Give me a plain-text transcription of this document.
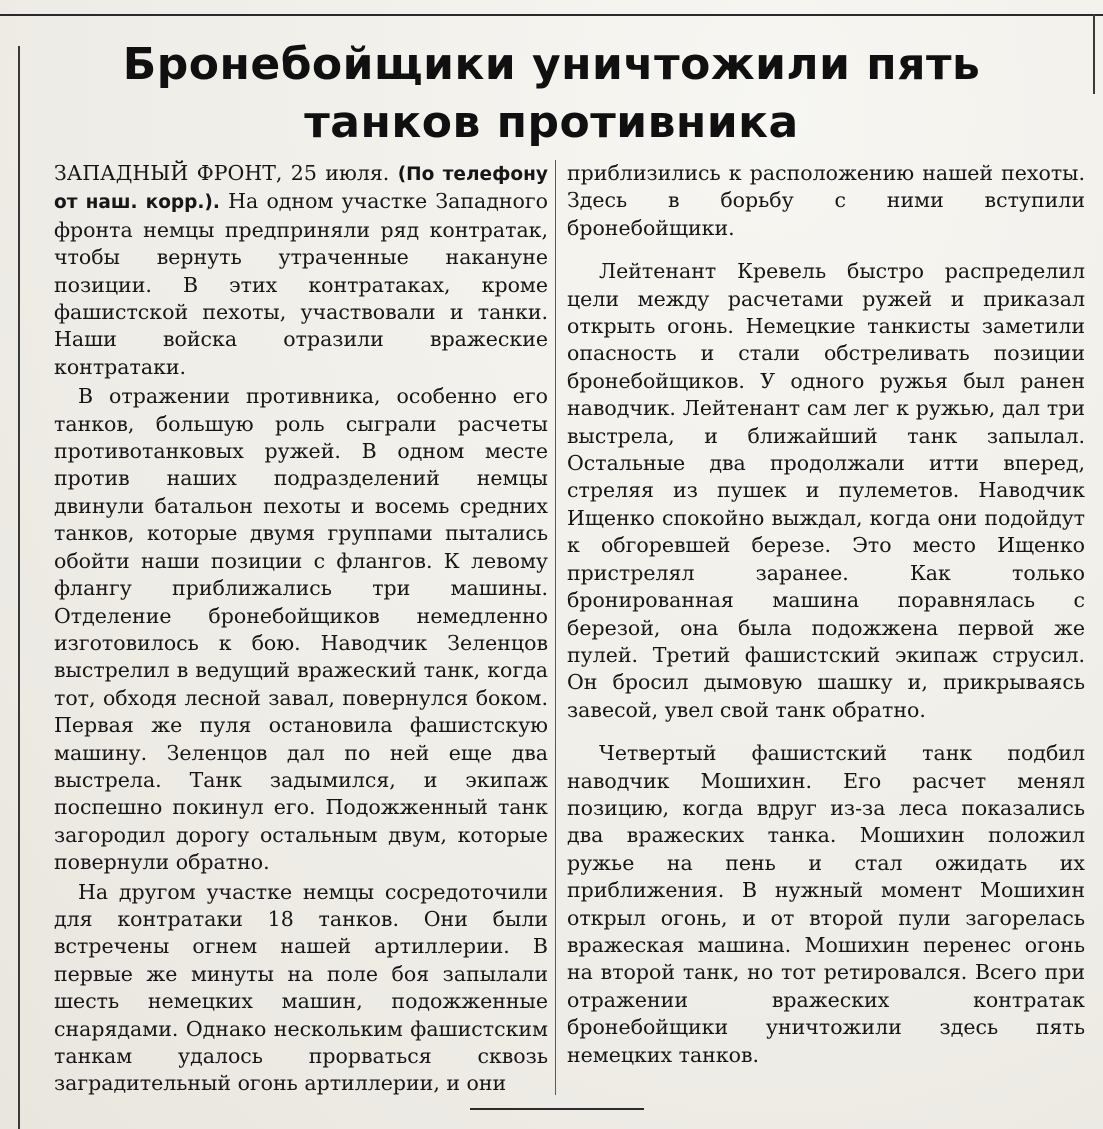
Бронебойщики уничтожили пять
танков противника

ЗАПАДНЫЙ ФРОНТ, 25 июля. (По телефону от наш. корр.). На одном участке Западного фронта немцы предприняли ряд контратак, чтобы вернуть утраченные накануне позиции. В этих контратаках, кроме фашистской пехоты, участвовали и танки. Наши войска отразили вражеские контратаки.

В отражении противника, особенно его танков, большую роль сыграли расчеты противотанковых ружей. В одном месте против наших подразделений немцы двинули батальон пехоты и восемь средних танков, которые двумя группами пытались обойти наши позиции с флангов. К левому флангу приближались три машины. Отделение бронебойщиков немедленно изготовилось к бою. Наводчик Зеленцов выстрелил в ведущий вражеский танк, когда тот, обходя лесной завал, повернулся боком. Первая же пуля остановила фашистскую машину. Зеленцов дал по ней еще два выстрела. Танк задымился, и экипаж поспешно покинул его. Подожженный танк загородил дорогу остальным двум, которые повернули обратно.

На другом участке немцы сосредоточили для контратаки 18 танков. Они были встречены огнем нашей артиллерии. В первые же минуты на поле боя запылали шесть немецких машин, подожженные снарядами. Однако нескольким фашистским танкам удалось прорваться сквозь заградительный огонь артиллерии, и они

приблизились к расположению нашей пехоты. Здесь в борьбу с ними вступили бронебойщики.

Лейтенант Кревель быстро распределил цели между расчетами ружей и приказал открыть огонь. Немецкие танкисты заметили опасность и стали обстреливать позиции бронебойщиков. У одного ружья был ранен наводчик. Лейтенант сам лег к ружью, дал три выстрела, и ближайший танк запылал. Остальные два продолжали итти вперед, стреляя из пушек и пулеметов. Наводчик Ищенко спокойно выждал, когда они подойдут к обгоревшей березе. Это место Ищенко пристрелял заранее. Как только бронированная машина поравнялась с березой, она была подожжена первой же пулей. Третий фашистский экипаж струсил. Он бросил дымовую шашку и, прикрываясь завесой, увел свой танк обратно.

Четвертый фашистский танк подбил наводчик Мошихин. Его расчет менял позицию, когда вдруг из-за леса показались два вражеских танка. Мошихин положил ружье на пень и стал ожидать их приближения. В нужный момент Мошихин открыл огонь, и от второй пули загорелась вражеская машина. Мошихин перенес огонь на второй танк, но тот ретировался. Всего при отражении вражеских контратак бронебойщики уничтожили здесь пять немецких танков.
